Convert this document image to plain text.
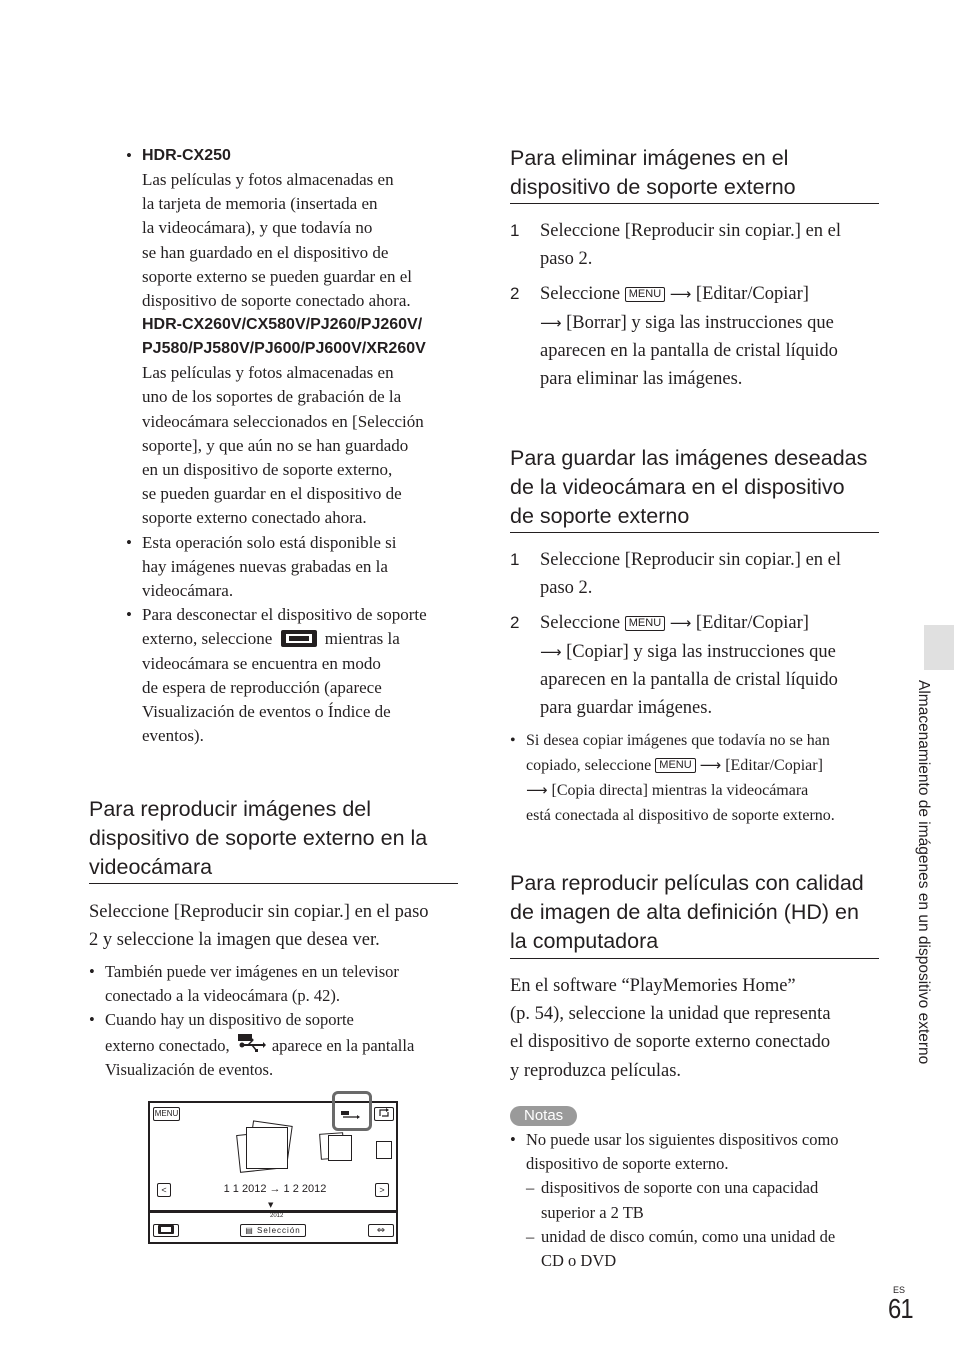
• HDR-CX250
Las películas y fotos almacenadas en
la tarjeta de memoria (insertada en
la videocámara), y que todavía no
se han guardado en el dispositivo de
soporte externo se pueden guardar en el
dispositivo de soporte conectado ahora.
HDR-CX260V/CX580V/PJ260/PJ260V/
PJ580/PJ580V/PJ600/PJ600V/XR260V
Las películas y fotos almacenadas en
uno de los soportes de grabación de la
videocámara seleccionados en [Selección
soporte], y que aún no se han guardado
en un dispositivo de soporte externo,
se pueden guardar en el dispositivo de
soporte externo conectado ahora.
• Esta operación solo está disponible si
hay imágenes nuevas grabadas en la
videocámara.
• Para desconectar el dispositivo de soporte
externo, seleccione	mientras la
videocámara se encuentra en modo
de espera de reproducción (aparece
Visualización de eventos o Índice de
eventos).
Para reproducir imágenes del
dispositivo de soporte externo en la
videocámara
Seleccione [Reproducir sin copiar.] en el paso
2 y seleccione la imagen que desea ver.
• También puede ver imágenes en un televisor
conectado a la videocámara (p. 42).
• Cuando hay un dispositivo de soporte
externo conectado,	aparece en la pantalla
Visualización de eventos.
MENU
<	1 1 2012 → 1 2 2012	>
▼
2012
▤ Selección	⇔
Para eliminar imágenes en el
dispositivo de soporte externo
1 Seleccione [Reproducir sin copiar.] en el
paso 2.
2 Seleccione MENU ⟶ [Editar/Copiar]
⟶ [Borrar] y siga las instrucciones que
aparecen en la pantalla de cristal líquido
para eliminar las imágenes.
Para guardar las imágenes deseadas
de la videocámara en el dispositivo
de soporte externo
1 Seleccione [Reproducir sin copiar.] en el
paso 2.
2 Seleccione MENU ⟶ [Editar/Copiar]
⟶ [Copiar] y siga las instrucciones que
aparecen en la pantalla de cristal líquido
para guardar imágenes.
• Si desea copiar imágenes que todavía no se han
copiado, seleccione MENU ⟶ [Editar/Copiar]
⟶ [Copia directa] mientras la videocámara
está conectada al dispositivo de soporte externo.
Para reproducir películas con calidad
de imagen de alta definición (HD) en
la computadora
En el software “PlayMemories Home”
(p. 54), seleccione la unidad que representa
el dispositivo de soporte externo conectado
y reproduzca películas.
Notas
• No puede usar los siguientes dispositivos como
dispositivo de soporte externo.
– dispositivos de soporte con una capacidad
superior a 2 TB
– unidad de disco común, como una unidad de
CD o DVD
Almacenamiento de imágenes en un dispositivo externo
ES
61
